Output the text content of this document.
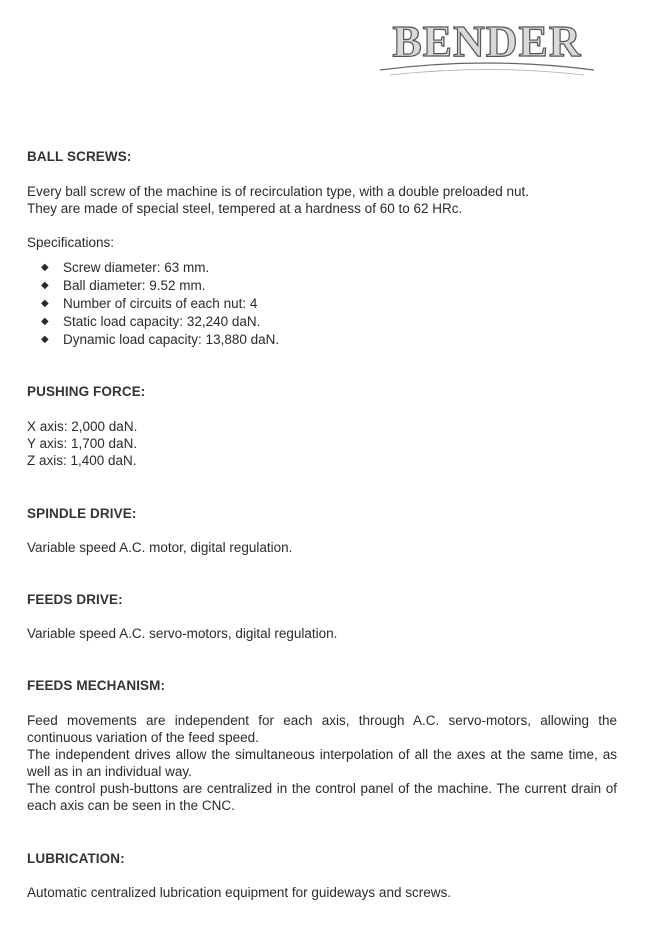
BENDER
BALL SCREWS:

Every ball screw of the machine is of recirculation type, with a double preloaded nut.

They are made of special steel, tempered at a hardness of 60 to 62 HRc.

Specifications:

◆ Screw diameter: 63 mm.
◆ Ball diameter: 9.52 mm.
◆ Number of circuits of each nut: 4
◆ Static load capacity: 32,240 daN.
◆ Dynamic load capacity: 13,880 daN.
PUSHING FORCE:

X axis: 2,000 daN.

Y axis: 1,700 daN.

Z axis: 1,400 daN.

SPINDLE DRIVE:

Variable speed A.C. motor, digital regulation.

FEEDS DRIVE:

Variable speed A.C. servo-motors, digital regulation.

FEEDS MECHANISM:

Feed movements are independent for each axis, through A.C. servo-motors, allowing the continuous variation of the feed speed.

The independent drives allow the simultaneous interpolation of all the axes at the same time, as well as in an individual way.

The control push-buttons are centralized in the control panel of the machine. The current drain of each axis can be seen in the CNC.

LUBRICATION:

Automatic centralized lubrication equipment for guideways and screws.
